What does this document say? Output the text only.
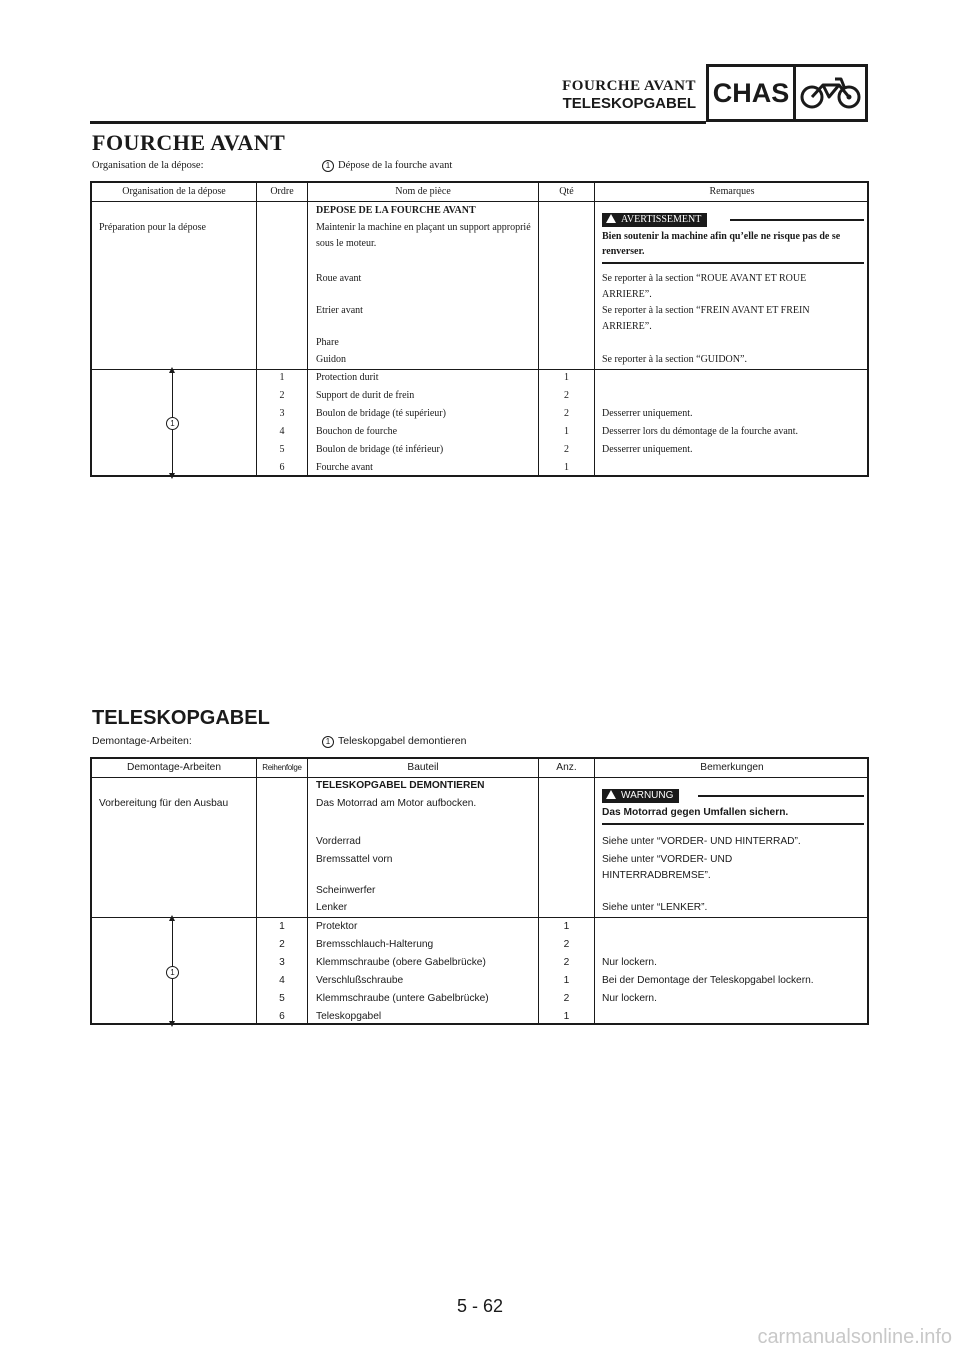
FOURCHE AVANT
TELESKOPGABEL CHAS
FOURCHE AVANT
Organisation de la dépose:	1 Dépose de la fourche avant
Organisation de la dépose	Ordre	Nom de pièce	Qté	Remarques
Préparation pour la dépose
DEPOSE DE LA FOURCHE AVANT
Maintenir la machine en plaçant un support approprié sous le moteur.
Roue avant	Se reporter à la section “ROUE AVANT ET ROUE ARRIERE”.
Etrier avant	Se reporter à la section “FREIN AVANT ET FREIN ARRIERE”.
Phare
Guidon	Se reporter à la section “GUIDON”.
AVERTISSEMENT
Bien soutenir la machine afin qu’elle ne risque pas de se renverser.
1
1	Protection durit	1
2	Support de durit de frein	2
3	Boulon de bridage (té supérieur)	2	Desserrer uniquement.
4	Bouchon de fourche	1	Desserrer lors du démontage de la fourche avant.
5	Boulon de bridage (té inférieur)	2	Desserrer uniquement.
6	Fourche avant	1
TELESKOPGABEL
Demontage-Arbeiten:	1 Teleskopgabel demontieren
Demontage-Arbeiten	Reihenfolge	Bauteil	Anz.	Bemerkungen
Vorbereitung für den Ausbau
TELESKOPGABEL DEMONTIEREN
Das Motorrad am Motor aufbocken.
Vorderrad	Siehe unter “VORDER- UND HINTERRAD”.
Bremssattel vorn	Siehe unter “VORDER- UND HINTERRADBREMSE”.
Scheinwerfer
Lenker	Siehe unter “LENKER”.
WARNUNG
Das Motorrad gegen Umfallen sichern.
1
1	Protektor	1
2	Bremsschlauch-Halterung	2
3	Klemmschraube (obere Gabelbrücke)	2	Nur lockern.
4	Verschlußschraube	1	Bei der Demontage der Teleskopgabel lockern.
5	Klemmschraube (untere Gabelbrücke)	2	Nur lockern.
6	Teleskopgabel	1
5 - 62
carmanualsonline.info
